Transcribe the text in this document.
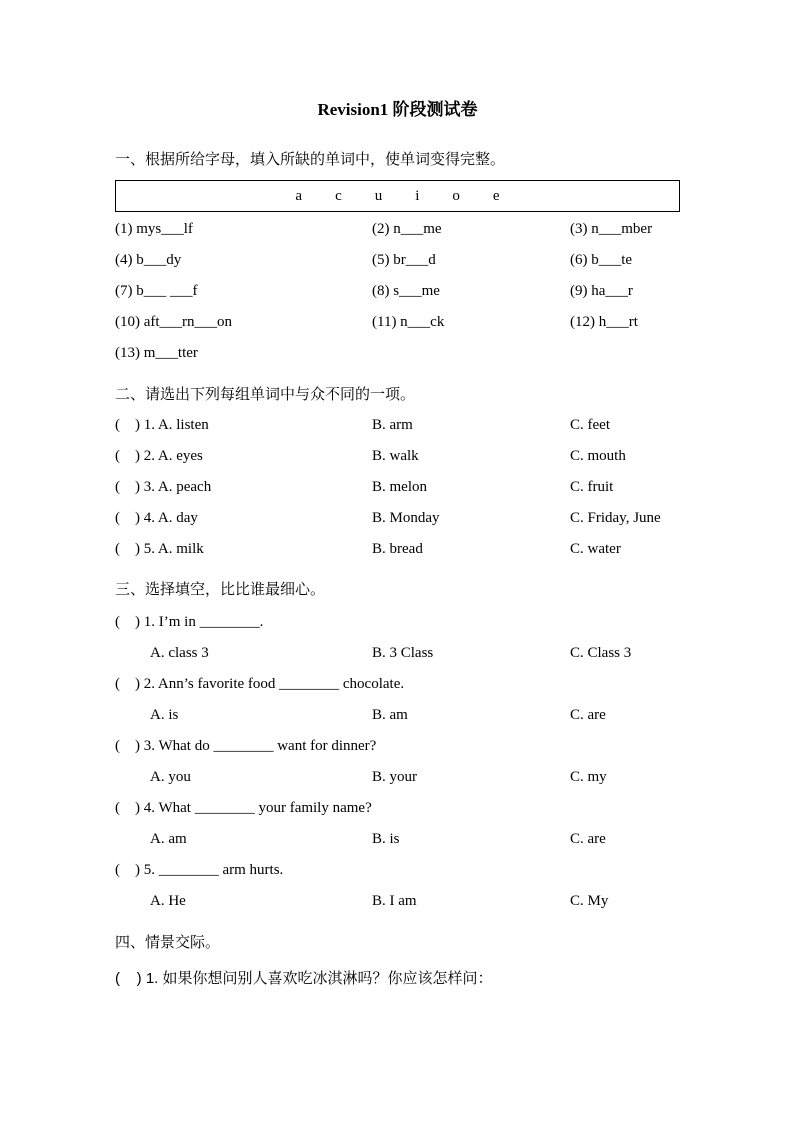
Revision1 阶段测试卷
一、根据所给字母，填入所缺的单词中，使单词变得完整。
a c u i o e
(1) mys___lf	(2) n___me	(3) n___mber
(4) b___dy	(5) br___d	(6) b___te
(7) b___ ___f	(8) s___me	(9) ha___r
(10) aft___rn___on	(11) n___ck	(12) h___rt
(13) m___tter
二、请选出下列每组单词中与众不同的一项。
(    ) 1. A. listen	B. arm	C. feet
(    ) 2. A. eyes	B. walk	C. mouth
(    ) 3. A. peach	B. melon	C. fruit
(    ) 4. A. day	B. Monday	C. Friday, June
(    ) 5. A. milk	B. bread	C. water
三、选择填空，比比谁最细心。
(    ) 1. I’m in ________.
A. class 3	B. 3 Class	C. Class 3
(    ) 2. Ann’s favorite food ________ chocolate.
A. is	B. am	C. are
(    ) 3. What do ________ want for dinner?
A. you	B. your	C. my
(    ) 4. What ________ your family name?
A. am	B. is	C. are
(    ) 5. ________ arm hurts.
A. He	B. I am	C. My
四、情景交际。
(    ) 1. 如果你想问别人喜欢吃冰淇淋吗？你应该怎样问：
